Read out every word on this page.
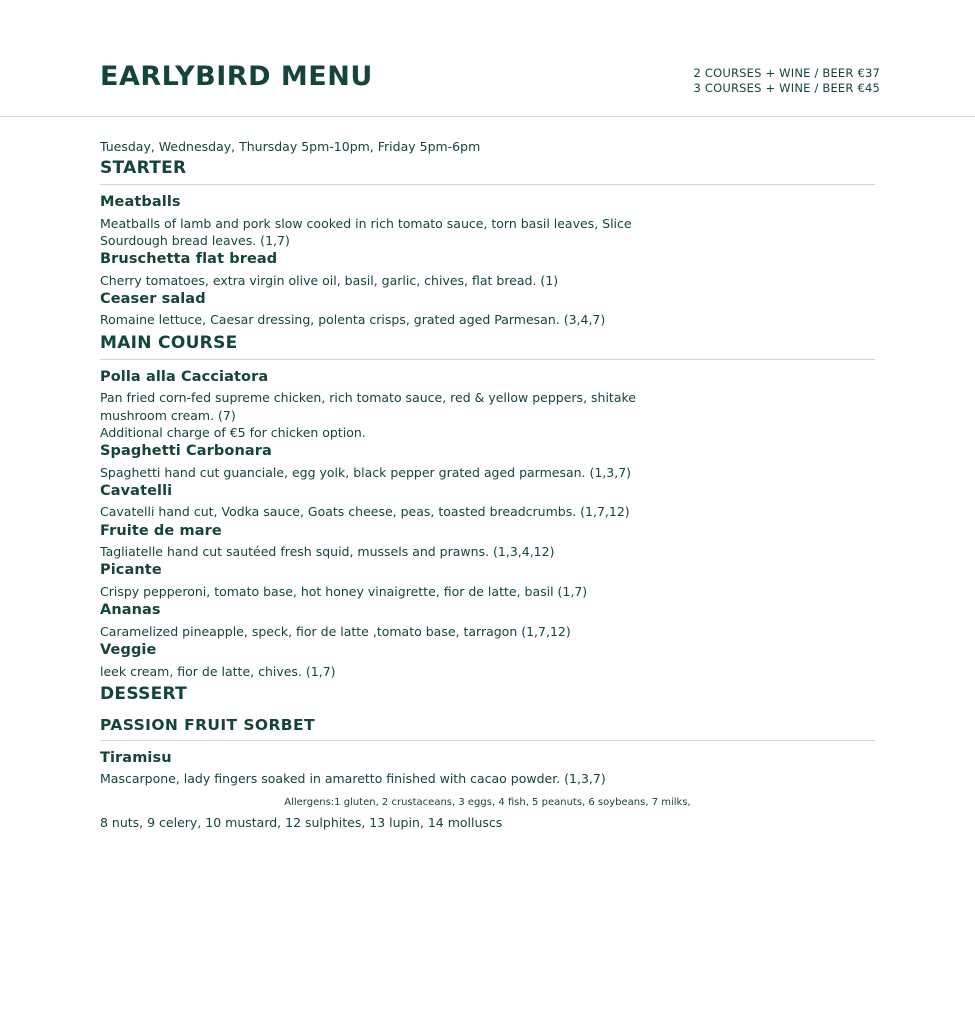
EARLYBIRD MENU	2 COURSES + WINE / BEER €37
3 COURSES + WINE / BEER €45
Tuesday, Wednesday, Thursday 5pm-10pm, Friday 5pm-6pm
STARTER
Meatballs
Meatballs of lamb and pork slow cooked in rich tomato sauce, torn basil leaves, Slice Sourdough bread leaves. (1,7)
Bruschetta flat bread
Cherry tomatoes, extra virgin olive oil, basil, garlic, chives, flat bread. (1)
Ceaser salad
Romaine lettuce, Caesar dressing, polenta crisps, grated aged Parmesan. (3,4,7)
MAIN COURSE
Polla alla Cacciatora
Pan fried corn-fed supreme chicken, rich tomato sauce, red & yellow peppers, shitake mushroom cream. (7)
Additional charge of €5 for chicken option.
Spaghetti Carbonara
Spaghetti hand cut guanciale, egg yolk, black pepper grated aged parmesan. (1,3,7)
Cavatelli
Cavatelli hand cut, Vodka sauce, Goats cheese, peas, toasted breadcrumbs. (1,7,12)
Fruite de mare
Tagliatelle hand cut sautéed fresh squid, mussels and prawns. (1,3,4,12)
Picante
Crispy pepperoni, tomato base, hot honey vinaigrette, fior de latte, basil (1,7)
Ananas
Caramelized pineapple, speck, fior de latte ,tomato base, tarragon (1,7,12)
Veggie
leek cream, fior de latte, chives. (1,7)
DESSERT
PASSION FRUIT SORBET
Tiramisu
Mascarpone, lady fingers soaked in amaretto finished with cacao powder. (1,3,7)
Allergens:1 gluten, 2 crustaceans, 3 eggs, 4 fish, 5 peanuts, 6 soybeans, 7 milks,
8 nuts, 9 celery, 10 mustard, 12 sulphites, 13 lupin, 14 molluscs
